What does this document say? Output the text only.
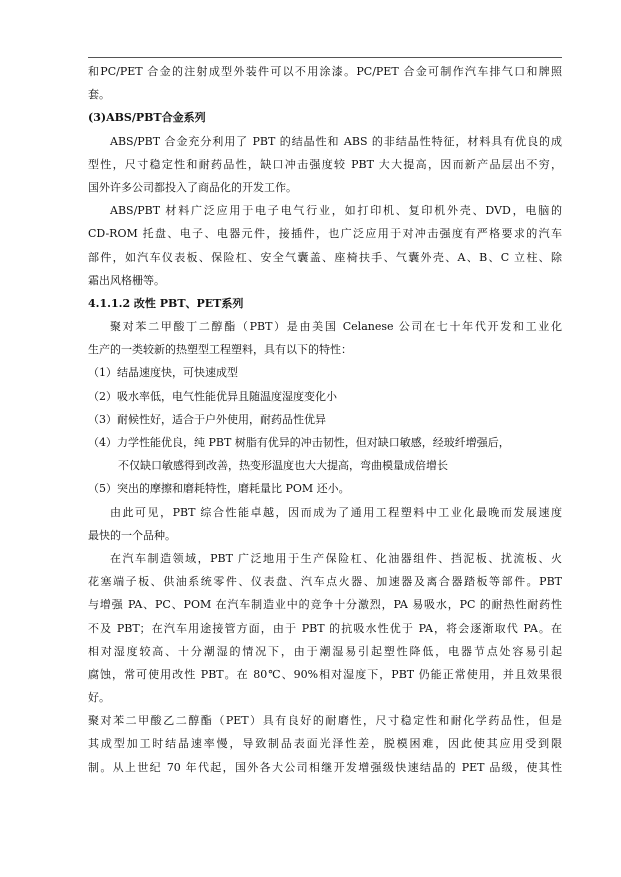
和PC/PET 合金的注射成型外装件可以不用涂漆。PC/PET 合金可制作汽车排气口和牌照
套。
(3)ABS/PBT合金系列
ABS/PBT 合金充分利用了 PBT 的结晶性和 ABS 的非结晶性特征，材料具有优良的成
型性，尺寸稳定性和耐药品性，缺口冲击强度较 PBT 大大提高，因而新产品层出不穷，
国外许多公司都投入了商品化的开发工作。
ABS/PBT 材料广泛应用于电子电气行业，如打印机、复印机外壳、DVD，电脑的
CD-ROM 托盘、电子、电器元件，接插件，也广泛应用于对冲击强度有严格要求的汽车
部件，如汽车仪表板、保险杠、安全气囊盖、座椅扶手、气囊外壳、A、B、C 立柱、除
霜出风格栅等。
4.1.1.2 改性 PBT、PET系列
聚对苯二甲酸丁二醇酯（PBT）是由美国 Celanese 公司在七十年代开发和工业化
生产的一类较新的热塑型工程塑料，具有以下的特性：
（1）结晶速度快，可快速成型
（2）吸水率低，电气性能优异且随温度湿度变化小
（3）耐候性好，适合于户外使用，耐药品性优异
（4）力学性能优良，纯 PBT 树脂有优异的冲击韧性，但对缺口敏感，经玻纤增强后，
不仅缺口敏感得到改善，热变形温度也大大提高，弯曲模量成倍增长
（5）突出的摩擦和磨耗特性，磨耗量比 POM 还小。
由此可见，PBT 综合性能卓越，因而成为了通用工程塑料中工业化最晚而发展速度
最快的一个品种。
在汽车制造领域，PBT 广泛地用于生产保险杠、化油器组件、挡泥板、扰流板、火
花塞端子板、供油系统零件、仪表盘、汽车点火器、加速器及离合器踏板等部件。PBT
与增强 PA、PC、POM 在汽车制造业中的竞争十分激烈，PA 易吸水，PC 的耐热性耐药性
不及 PBT；在汽车用途接管方面，由于 PBT 的抗吸水性优于 PA，将会逐渐取代 PA。在
相对湿度较高、十分潮湿的情况下，由于潮湿易引起塑性降低，电器节点处容易引起
腐蚀，常可使用改性 PBT。在 80℃、90%相对湿度下，PBT 仍能正常使用，并且效果很
好。
聚对苯二甲酸乙二醇酯（PET）具有良好的耐磨性，尺寸稳定性和耐化学药品性，但是
其成型加工时结晶速率慢，导致制品表面光泽性差，脱模困难，因此使其应用受到限
制。从上世纪 70 年代起，国外各大公司相继开发增强级快速结晶的 PET 品级，使其性
